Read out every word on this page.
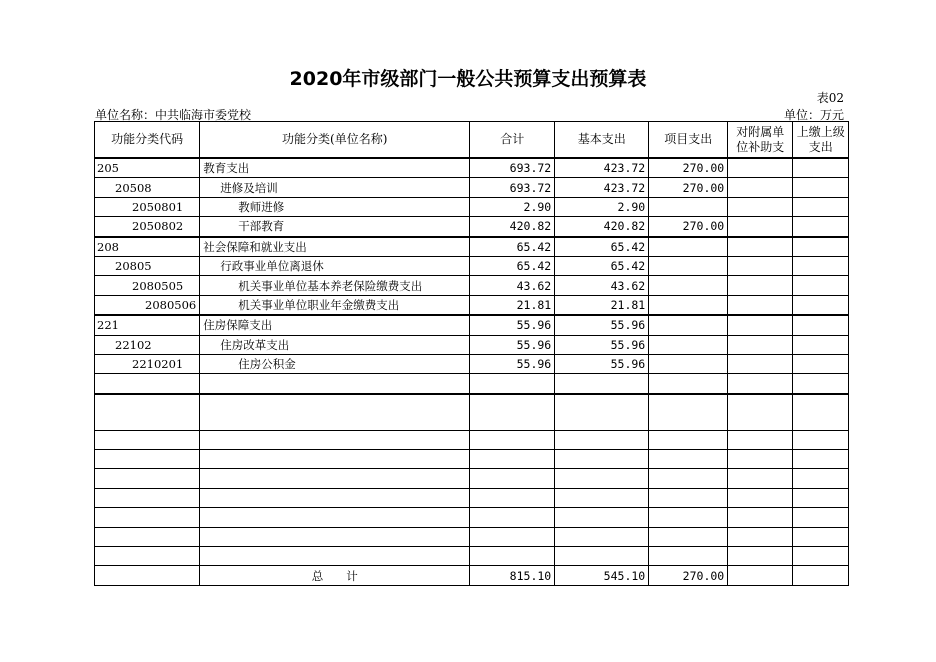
2020年市级部门一般公共预算支出预算表
表02
单位名称：中共临海市委党校	单位：万元
功能分类代码	功能分类(单位名称)	合计	基本支出	项目支出	对附属单位补助支	上缴上级支出
205	教育支出	693.72	423.72	270.00		
20508	进修及培训	693.72	423.72	270.00		
2050801	教师进修	2.90	2.90			
2050802	干部教育	420.82	420.82	270.00		
208	社会保障和就业支出	65.42	65.42			
20805	行政事业单位离退休	65.42	65.42			
2080505	机关事业单位基本养老保险缴费支出	43.62	43.62			
2080506	机关事业单位职业年金缴费支出	21.81	21.81			
221	住房保障支出	55.96	55.96			
22102	住房改革支出	55.96	55.96			
2210201	住房公积金	55.96	55.96			

	总　　计	815.10	545.10	270.00		
